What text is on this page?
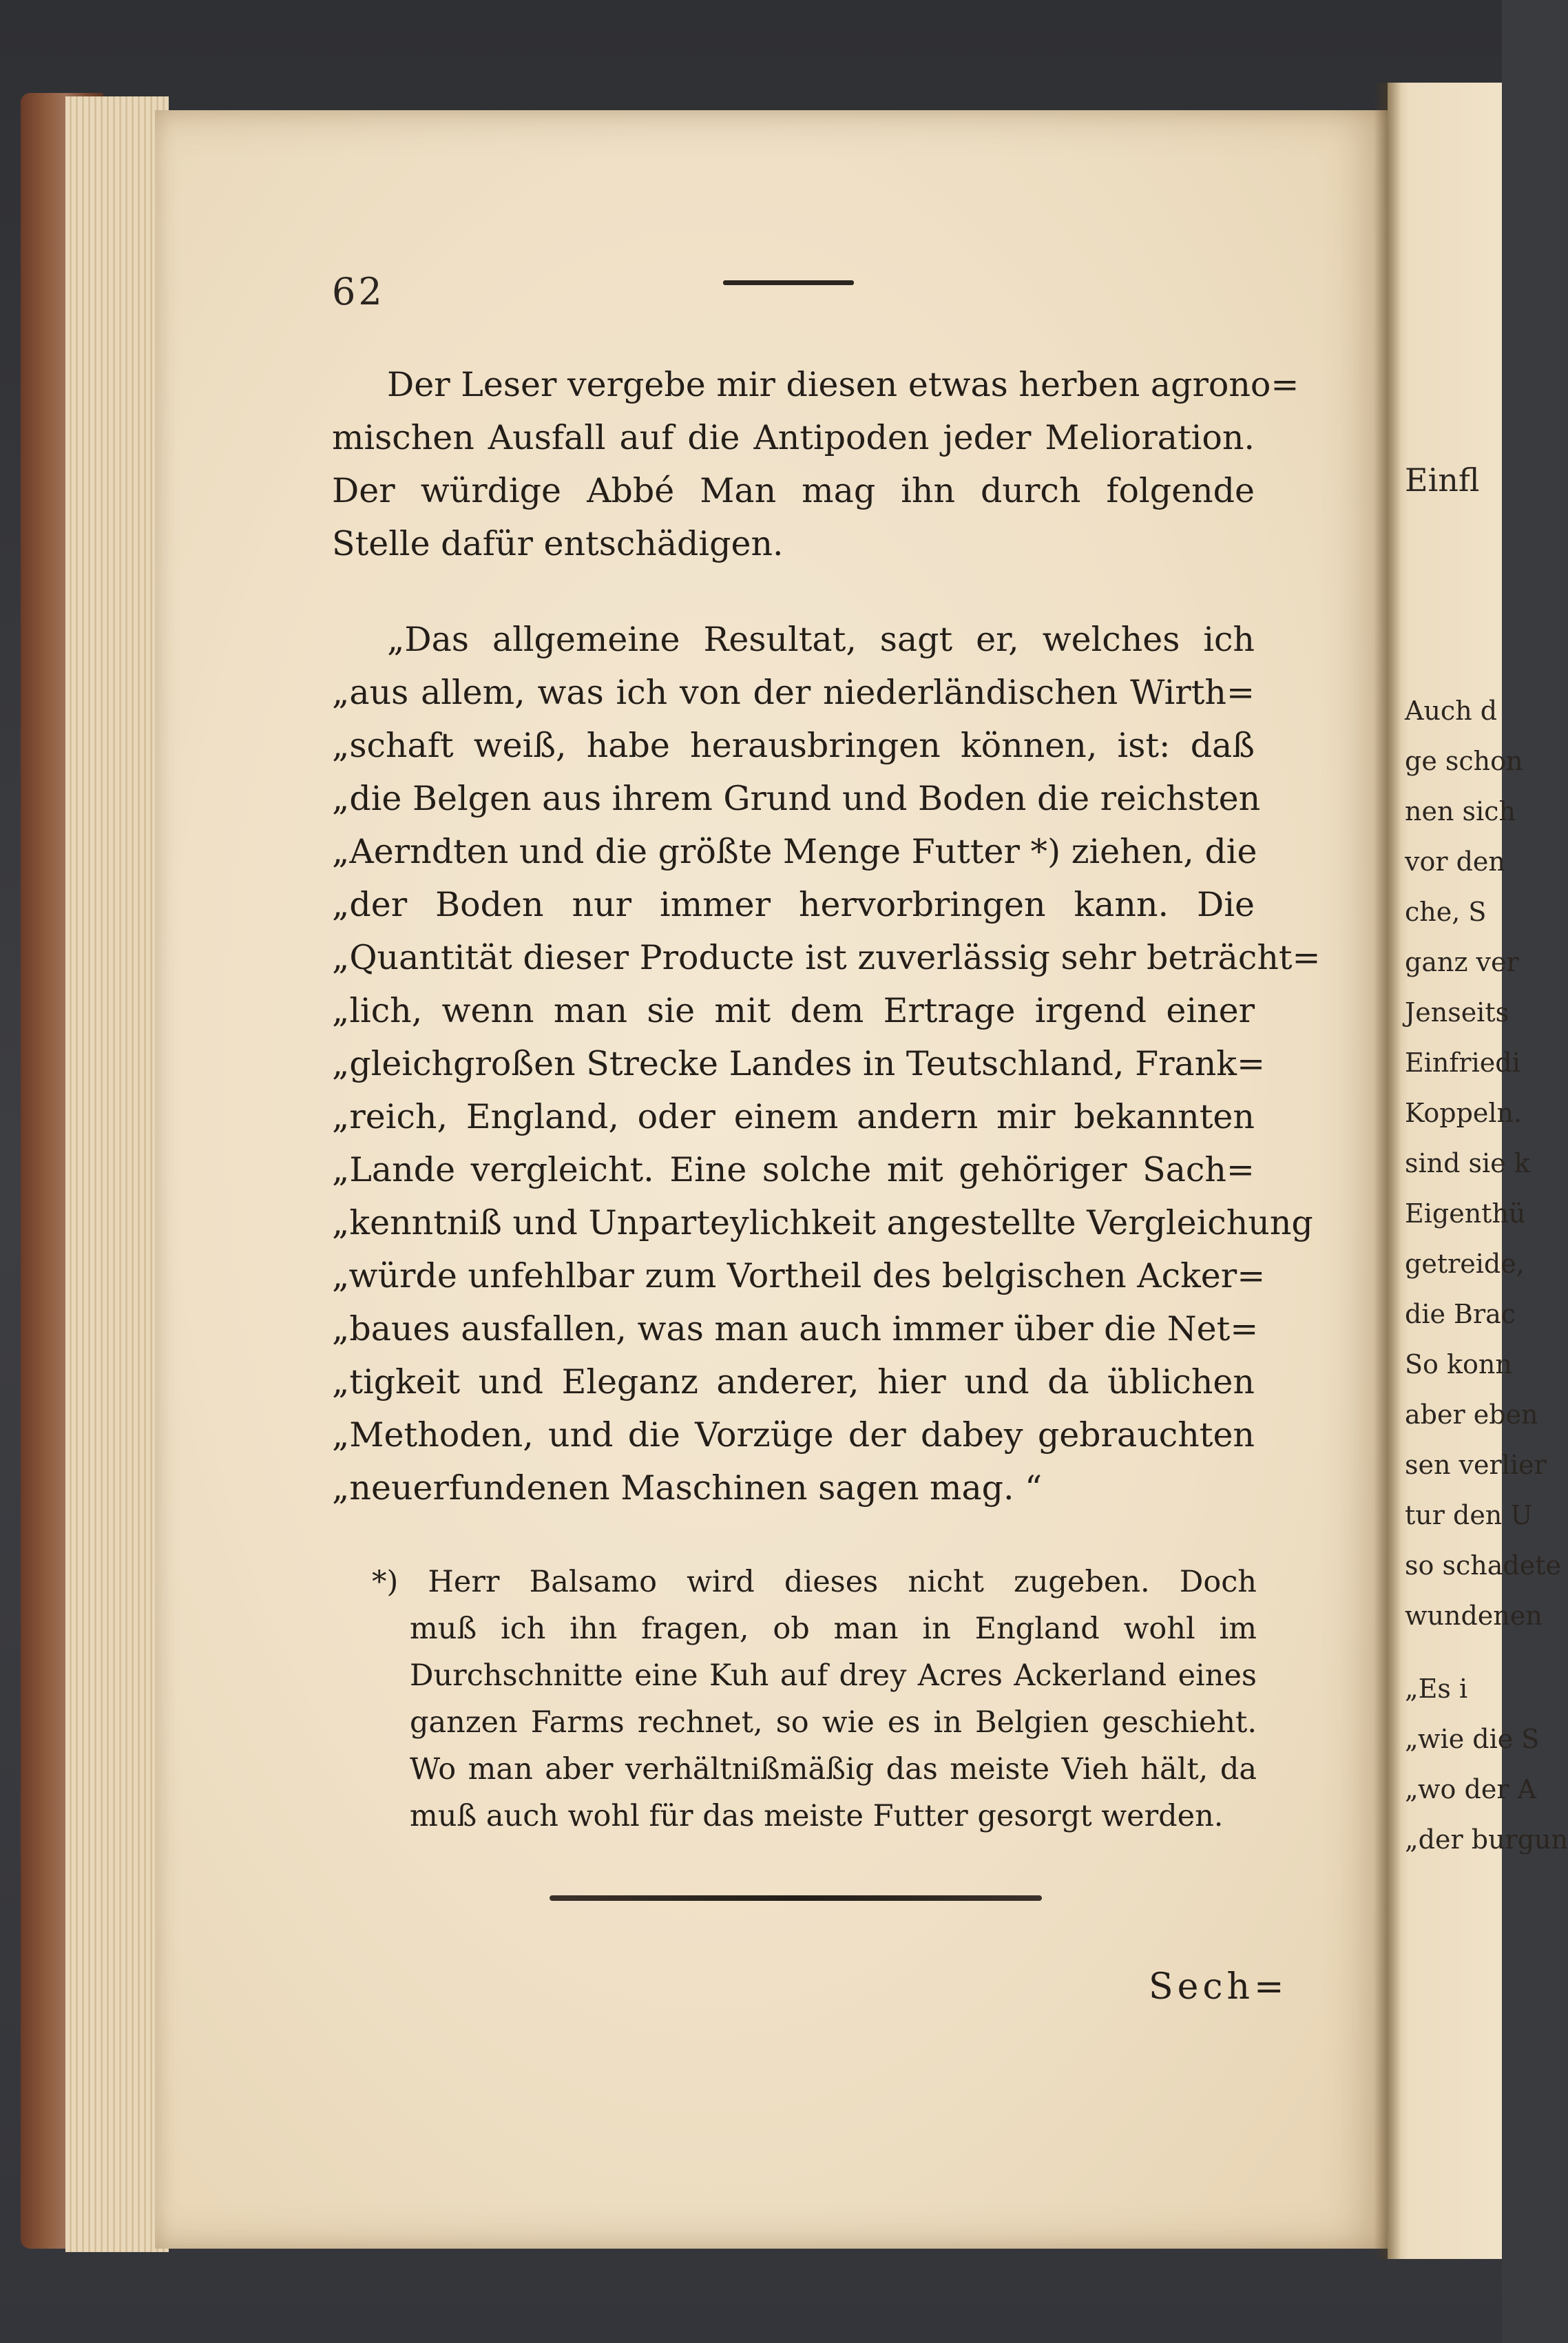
62
Der Leser vergebe mir diesen etwas herben agrono=
mischen Ausfall auf die Antipoden jeder Melioration.
Der würdige Abbé Man mag ihn durch folgende
Stelle dafür entschädigen.
„Das allgemeine Resultat, sagt er, welches ich
„aus allem, was ich von der niederländischen Wirth=
„schaft weiß, habe herausbringen können, ist: daß
„die Belgen aus ihrem Grund und Boden die reichsten
„Aerndten und die größte Menge Futter *) ziehen, die
„der Boden nur immer hervorbringen kann. Die
„Quantität dieser Producte ist zuverlässig sehr beträcht=
„lich, wenn man sie mit dem Ertrage irgend einer
„gleichgroßen Strecke Landes in Teutschland, Frank=
„reich, England, oder einem andern mir bekannten
„Lande vergleicht. Eine solche mit gehöriger Sach=
„kenntniß und Unparteylichkeit angestellte Vergleichung
„würde unfehlbar zum Vortheil des belgischen Acker=
„baues ausfallen, was man auch immer über die Net=
„tigkeit und Eleganz anderer, hier und da üblichen
„Methoden, und die Vorzüge der dabey gebrauchten
„neuerfundenen Maschinen sagen mag. “
*) Herr Balsamo wird dieses nicht zugeben. Doch
muß ich ihn fragen, ob man in England wohl im
Durchschnitte eine Kuh auf drey Acres Ackerland eines
ganzen Farms rechnet, so wie es in Belgien geschieht.
Wo man aber verhältnißmäßig das meiste Vieh hält, da
muß auch wohl für das meiste Futter gesorgt werden.
Sech=
Einfl
Auch d
ge schon
nen sich
vor den
che, S
ganz ver
Jenseits
Einfriedi
Koppeln.
sind sie k
Eigenthü
getreide,
die Brac
So konn
aber eben
sen verlier
tur den U
so schadete
wundenen
„Es i
„wie die S
„wo der A
„der burgun
